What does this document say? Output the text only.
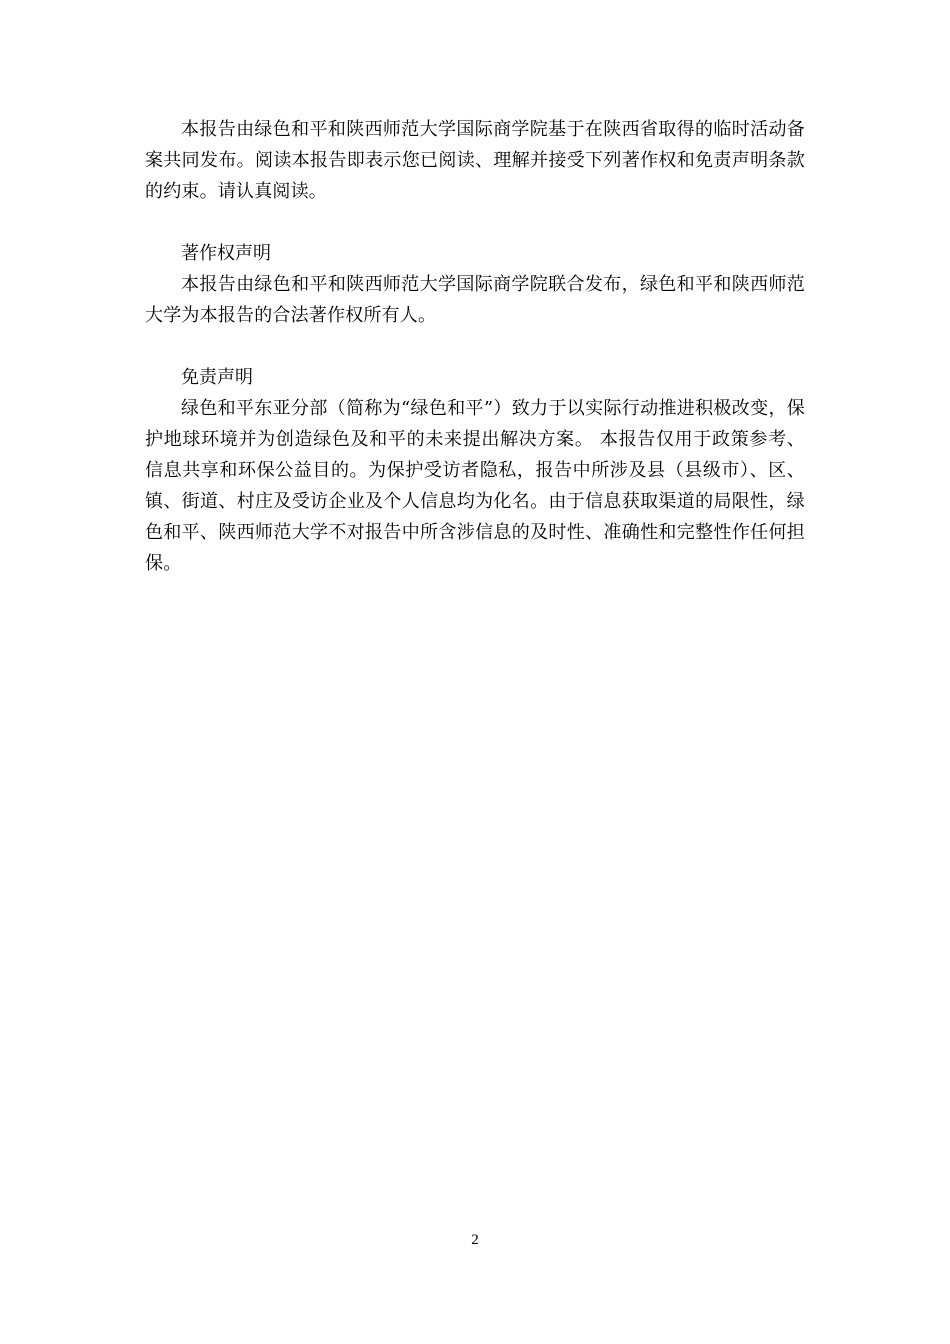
本报告由绿色和平和陕西师范大学国际商学院基于在陕西省取得的临时活动备案共同发布。阅读本报告即表示您已阅读、理解并接受下列著作权和免责声明条款的约束。请认真阅读。

著作权声明

本报告由绿色和平和陕西师范大学国际商学院联合发布，绿色和平和陕西师范大学为本报告的合法著作权所有人。

免责声明

绿色和平东亚分部（简称为“绿色和平”）致力于以实际行动推进积极改变，保护地球环境并为创造绿色及和平的未来提出解决方案。 本报告仅用于政策参考、信息共享和环保公益目的。为保护受访者隐私，报告中所涉及县（县级市）、区、镇、街道、村庄及受访企业及个人信息均为化名。由于信息获取渠道的局限性，绿色和平、陕西师范大学不对报告中所含涉信息的及时性、准确性和完整性作任何担保。

2
